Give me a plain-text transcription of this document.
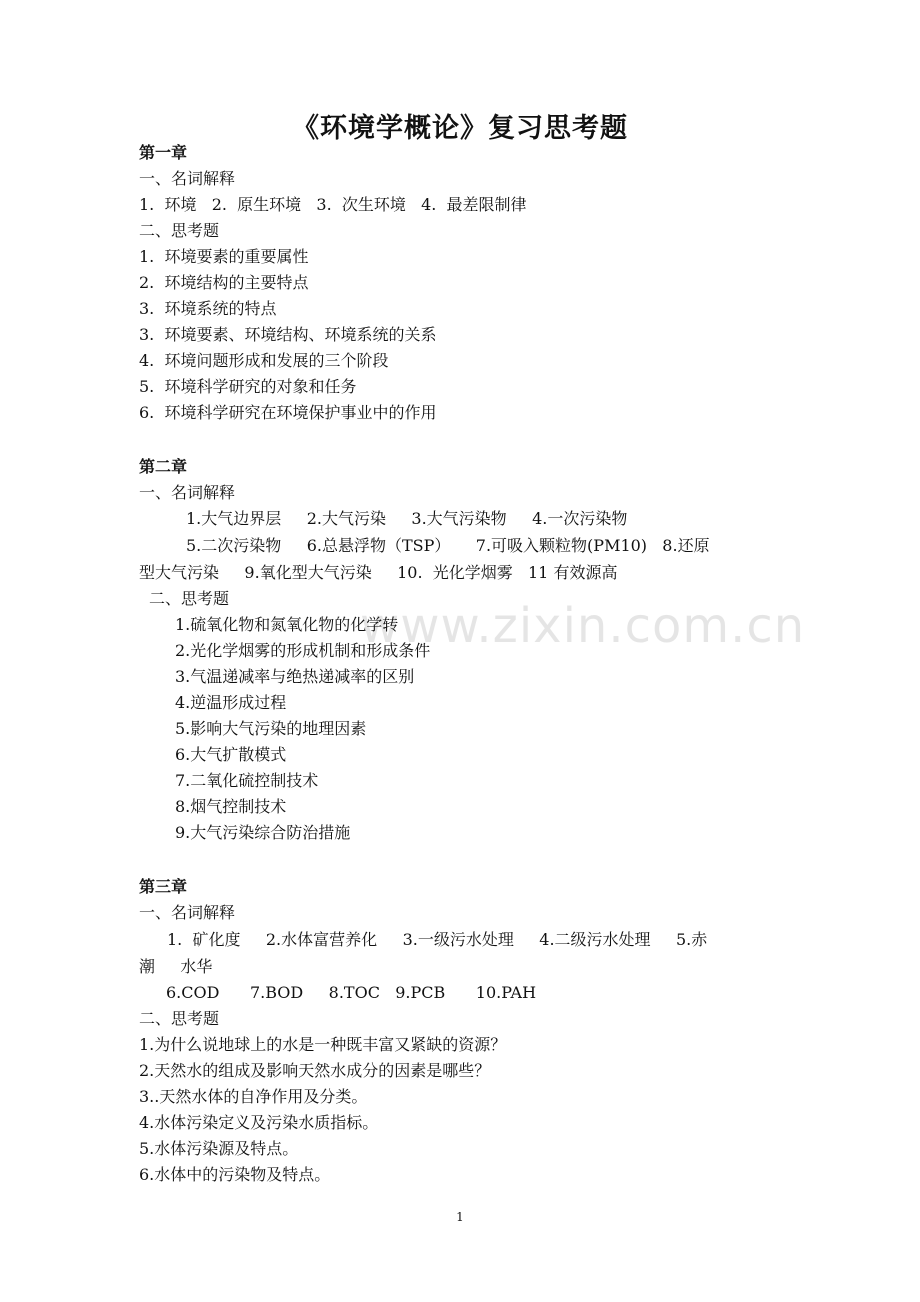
《环境学概论》复习思考题
第一章
一、名词解释
1.  环境   2.  原生环境   3.  次生环境   4.  最差限制律
二、思考题
1.  环境要素的重要属性
2.  环境结构的主要特点
3.  环境系统的特点
3.  环境要素、环境结构、环境系统的关系
4.  环境问题形成和发展的三个阶段
5.  环境科学研究的对象和任务
6.  环境科学研究在环境保护事业中的作用
第二章
一、名词解释
1.大气边界层     2.大气污染     3.大气污染物     4.一次污染物
5.二次污染物     6.总悬浮物（TSP）     7.可吸入颗粒物(PM10)   8.还原
型大气污染     9.氧化型大气污染     10.  光化学烟雾   11 有效源高
二、思考题
1.硫氧化物和氮氧化物的化学转
2.光化学烟雾的形成机制和形成条件
3.气温递减率与绝热递减率的区别
4.逆温形成过程
5.影响大气污染的地理因素
6.大气扩散模式
7.二氧化硫控制技术
8.烟气控制技术
9.大气污染综合防治措施
第三章
一、名词解释
1.  矿化度     2.水体富营养化     3.一级污水处理     4.二级污水处理     5.赤
潮     水华
6.COD      7.BOD     8.TOC   9.PCB      10.PAH
二、思考题
1.为什么说地球上的水是一种既丰富又紧缺的资源？
2.天然水的组成及影响天然水成分的因素是哪些？
3..天然水体的自净作用及分类。
4.水体污染定义及污染水质指标。
5.水体污染源及特点。
6.水体中的污染物及特点。
www.zixin.com.cn
1
